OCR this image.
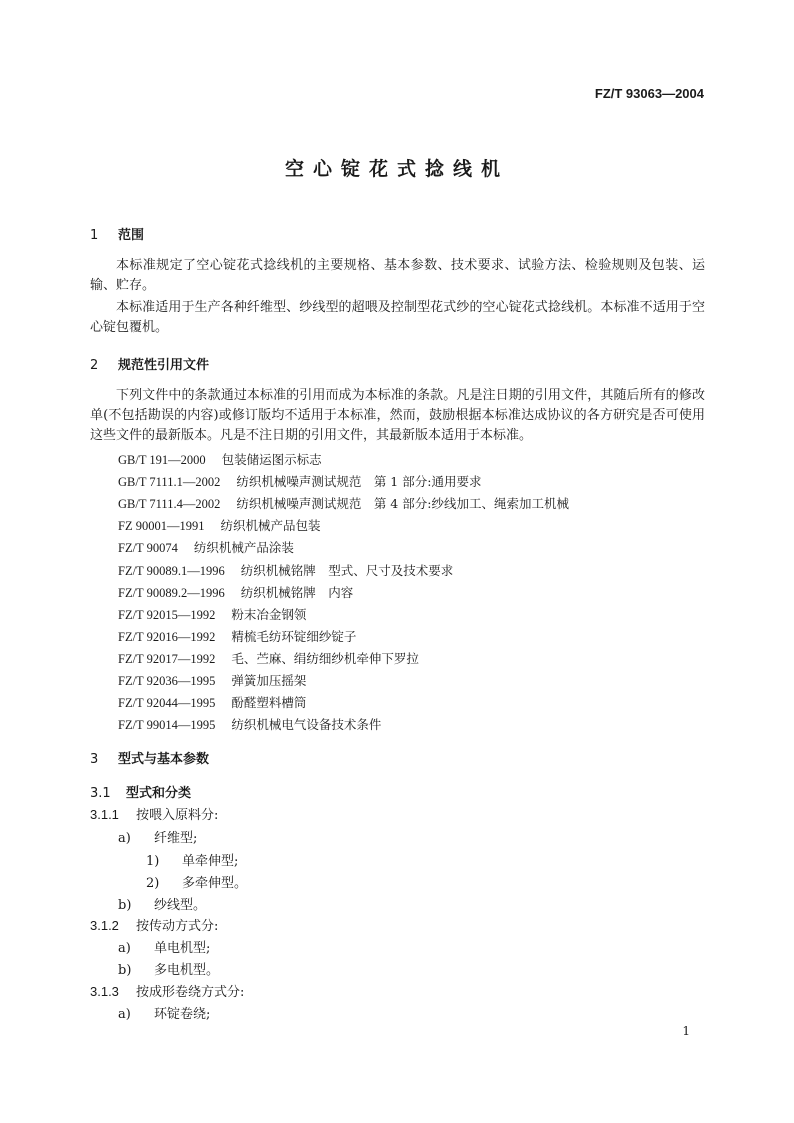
FZ/T 93063—2004
空心锭花式捻线机
1 范围
本标准规定了空心锭花式捻线机的主要规格、基本参数、技术要求、试验方法、检验规则及包装、运输、贮存。
本标准适用于生产各种纤维型、纱线型的超喂及控制型花式纱的空心锭花式捻线机。本标准不适用于空心锭包覆机。
2 规范性引用文件
下列文件中的条款通过本标准的引用而成为本标准的条款。凡是注日期的引用文件，其随后所有的修改单(不包括勘误的内容)或修订版均不适用于本标准，然而，鼓励根据本标准达成协议的各方研究是否可使用这些文件的最新版本。凡是不注日期的引用文件，其最新版本适用于本标准。
GB/T 191—2000 包装储运图示标志
GB/T 7111.1—2002 纺织机械噪声测试规范　第 1 部分:通用要求
GB/T 7111.4—2002 纺织机械噪声测试规范　第 4 部分:纱线加工、绳索加工机械
FZ 90001—1991 纺织机械产品包装
FZ/T 90074 纺织机械产品涂装
FZ/T 90089.1—1996 纺织机械铭牌　型式、尺寸及技术要求
FZ/T 90089.2—1996 纺织机械铭牌　内容
FZ/T 92015—1992 粉末冶金钢领
FZ/T 92016—1992 精梳毛纺环锭细纱锭子
FZ/T 92017—1992 毛、苎麻、绢纺细纱机牵伸下罗拉
FZ/T 92036—1995 弹簧加压摇架
FZ/T 92044—1995 酚醛塑料槽筒
FZ/T 99014—1995 纺织机械电气设备技术条件
3 型式与基本参数
3.1 型式和分类
3.1.1 按喂入原料分:
a) 纤维型;
1) 单牵伸型;
2) 多牵伸型。
b) 纱线型。
3.1.2 按传动方式分:
a) 单电机型;
b) 多电机型。
3.1.3 按成形卷绕方式分:
a) 环锭卷绕;
1
